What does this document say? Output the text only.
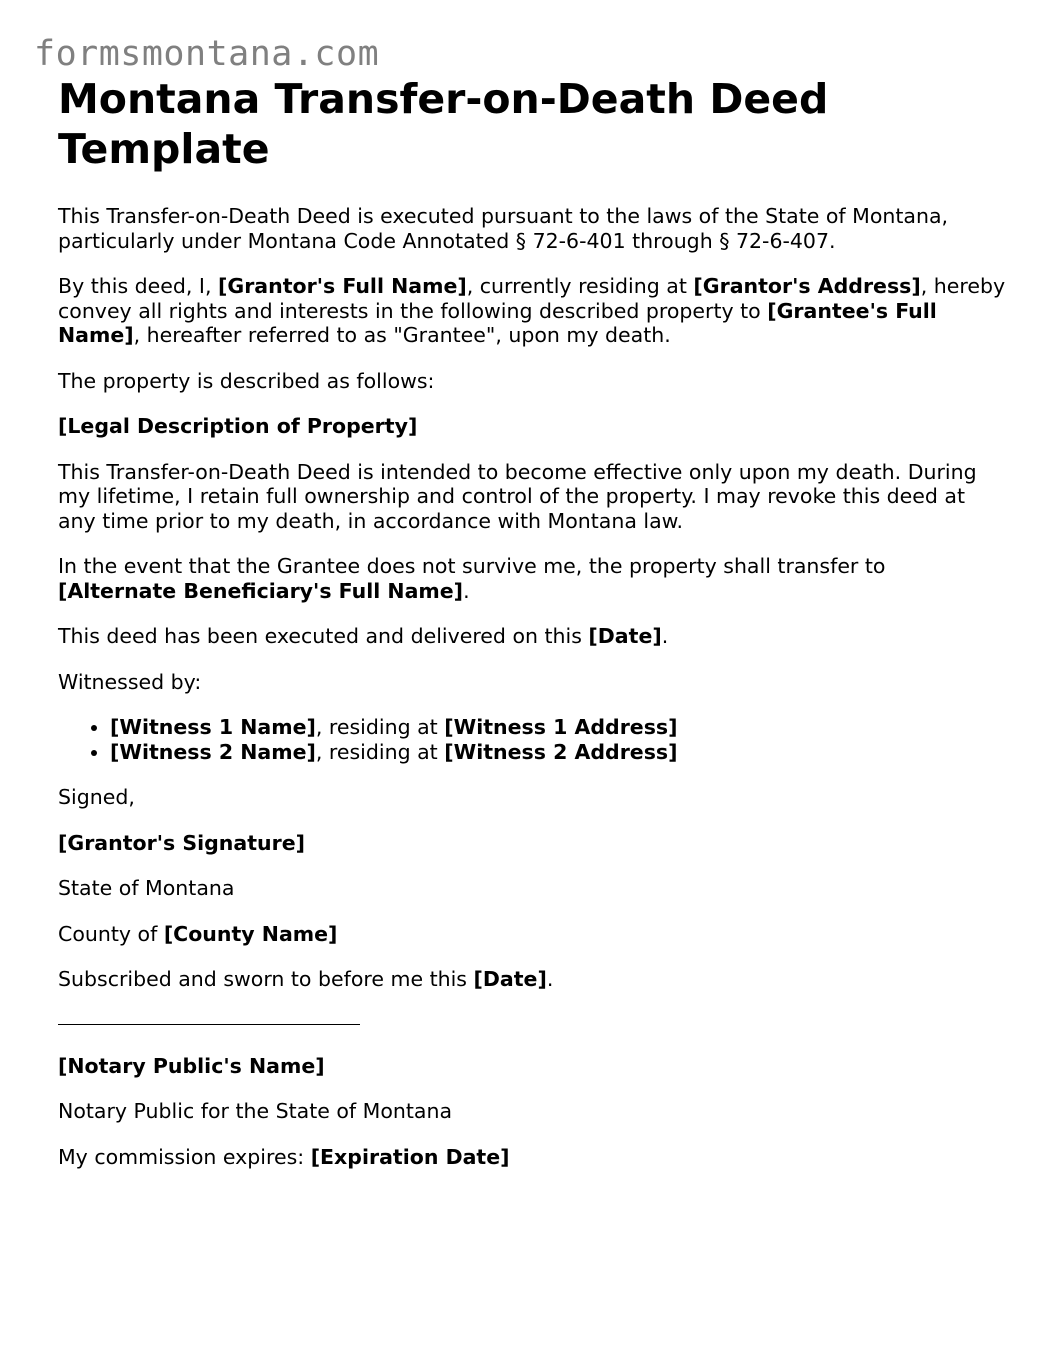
formsmontana.com
Montana Transfer-on-Death Deed Template

This Transfer-on-Death Deed is executed pursuant to the laws of the State of Montana, particularly under Montana Code Annotated § 72-6-401 through § 72-6-407.

By this deed, I, [Grantor's Full Name], currently residing at [Grantor's Address], hereby convey all rights and interests in the following described property to [Grantee's Full Name], hereafter referred to as "Grantee", upon my death.

The property is described as follows:

[Legal Description of Property]

This Transfer-on-Death Deed is intended to become effective only upon my death. During my lifetime, I retain full ownership and control of the property. I may revoke this deed at any time prior to my death, in accordance with Montana law.

In the event that the Grantee does not survive me, the property shall transfer to [Alternate Beneficiary's Full Name].

This deed has been executed and delivered on this [Date].

Witnessed by:

• [Witness 1 Name], residing at [Witness 1 Address]
• [Witness 2 Name], residing at [Witness 2 Address]

Signed,

[Grantor's Signature]

State of Montana

County of [County Name]

Subscribed and sworn to before me this [Date].

[Notary Public's Name]

Notary Public for the State of Montana

My commission expires: [Expiration Date]
